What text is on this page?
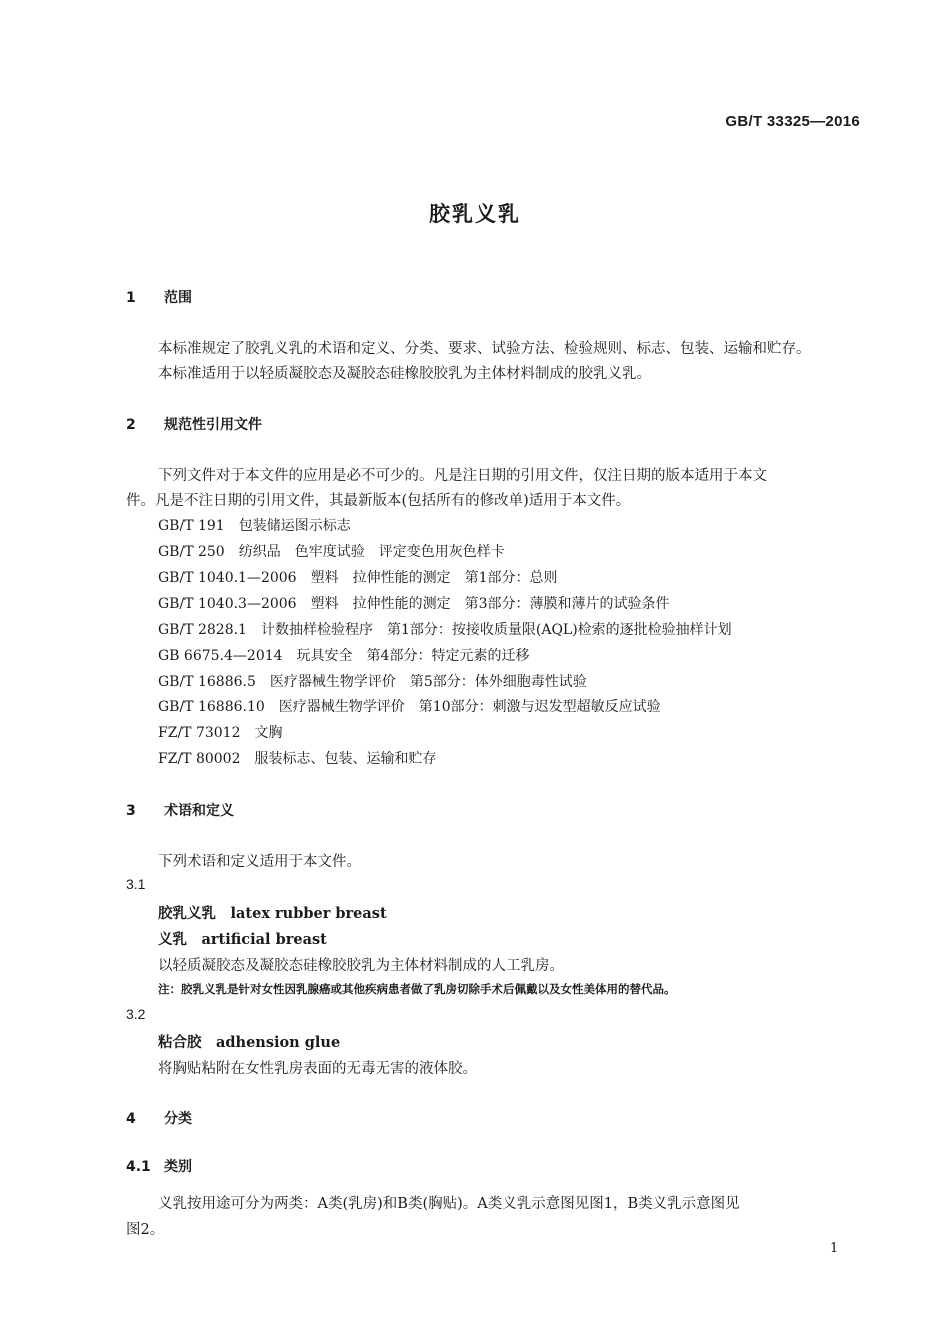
GB/T 33325—2016
胶乳义乳
1 范围
本标准规定了胶乳义乳的术语和定义、分类、要求、试验方法、检验规则、标志、包装、运输和贮存。
本标准适用于以轻质凝胶态及凝胶态硅橡胶胶乳为主体材料制成的胶乳义乳。
2 规范性引用文件
下列文件对于本文件的应用是必不可少的。凡是注日期的引用文件，仅注日期的版本适用于本文
件。凡是不注日期的引用文件，其最新版本(包括所有的修改单)适用于本文件。
GB/T 191 包装储运图示标志
GB/T 250 纺织品　色牢度试验　评定变色用灰色样卡
GB/T 1040.1—2006 塑料　拉伸性能的测定　第1部分：总则
GB/T 1040.3—2006 塑料　拉伸性能的测定　第3部分：薄膜和薄片的试验条件
GB/T 2828.1 计数抽样检验程序　第1部分：按接收质量限(AQL)检索的逐批检验抽样计划
GB 6675.4—2014 玩具安全　第4部分：特定元素的迁移
GB/T 16886.5 医疗器械生物学评价　第5部分：体外细胞毒性试验
GB/T 16886.10 医疗器械生物学评价　第10部分：刺激与迟发型超敏反应试验
FZ/T 73012 文胸
FZ/T 80002 服装标志、包装、运输和贮存
3 术语和定义
下列术语和定义适用于本文件。
3.1
胶乳义乳　latex rubber breast
义乳　artificial breast
以轻质凝胶态及凝胶态硅橡胶胶乳为主体材料制成的人工乳房。
注：胶乳义乳是针对女性因乳腺癌或其他疾病患者做了乳房切除手术后佩戴以及女性美体用的替代品。
3.2
粘合胶　adhension glue
将胸贴粘附在女性乳房表面的无毒无害的液体胶。
4 分类
4.1 类别
义乳按用途可分为两类：A类(乳房)和B类(胸贴)。A类义乳示意图见图1，B类义乳示意图见
图2。
1
